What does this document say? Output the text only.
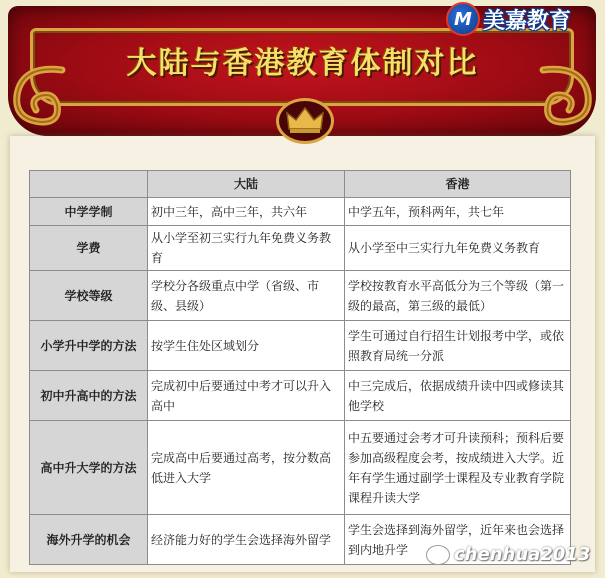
大陆与香港教育体制对比
M 美嘉教育
	大陆	香港
中学学制	初中三年，高中三年，共六年	中学五年，预科两年，共七年
学费	从小学至初三实行九年免费义务教育	从小学至中三实行九年免费义务教育
学校等级	学校分各级重点中学（省级、市级、县级）	学校按教育水平高低分为三个等级（第一级的最高，第三级的最低）
小学升中学的方法	按学生住处区域划分	学生可通过自行招生计划报考中学，或依照教育局统一分派
初中升高中的方法	完成初中后要通过中考才可以升入高中	中三完成后，依据成绩升读中四或修读其他学校
高中升大学的方法	完成高中后要通过高考，按分数高低进入大学	中五要通过会考才可升读预科；预科后要参加高级程度会考，按成绩进入大学。近年有学生通过副学士课程及专业教育学院课程升读大学
海外升学的机会	经济能力好的学生会选择海外留学	学生会选择到海外留学，近年来也会选择到内地升学	chenhua2013
